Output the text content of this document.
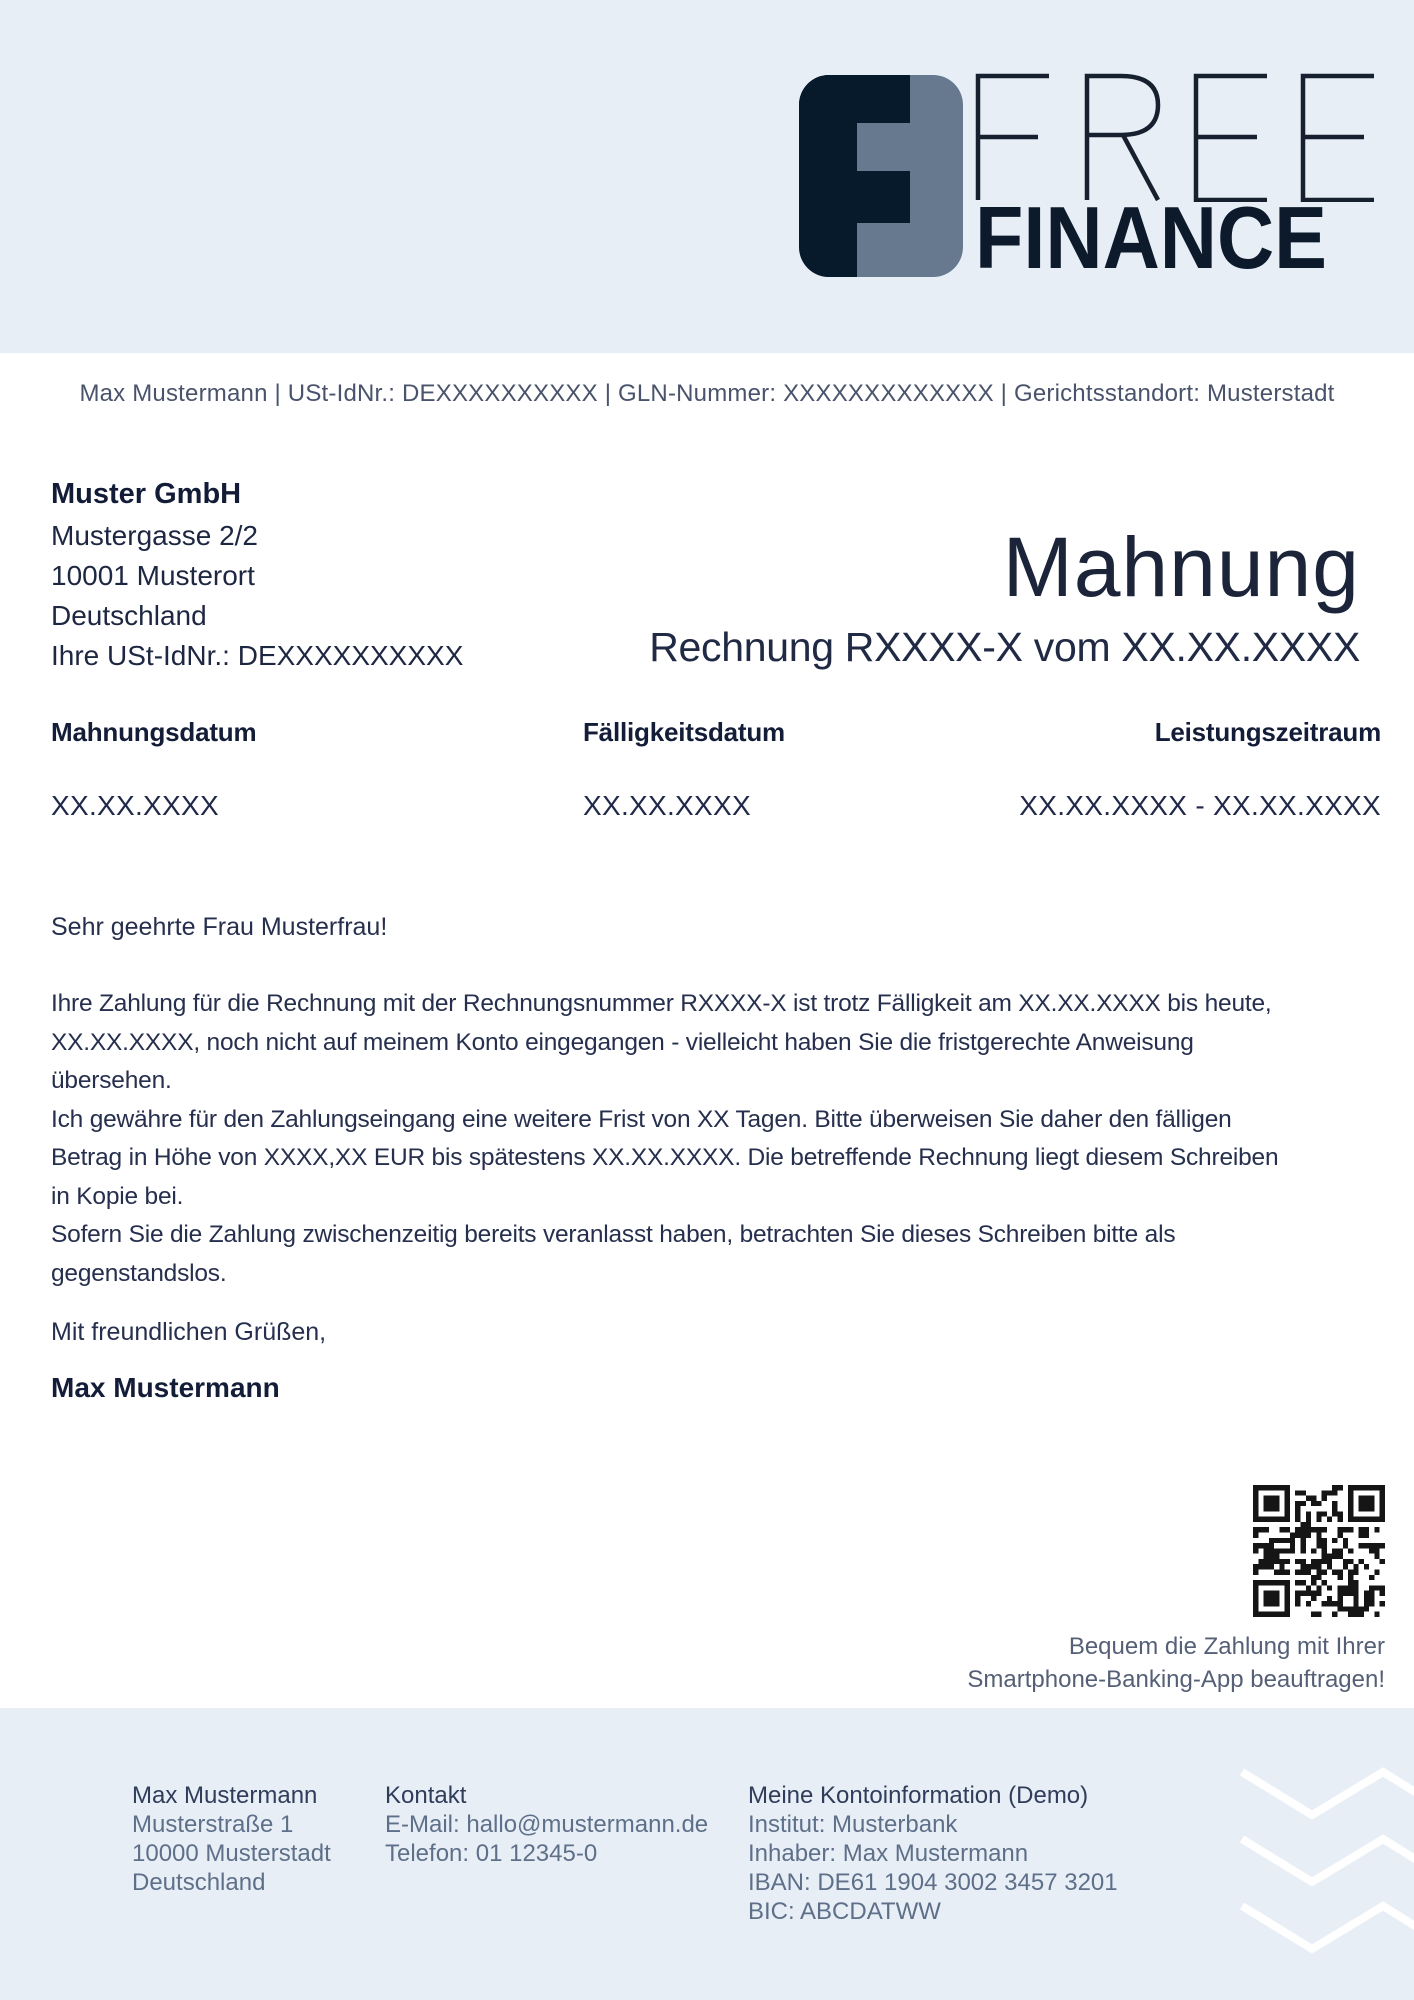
FINANCE
Max Mustermann | USt-IdNr.: DEXXXXXXXXXX | GLN-Nummer: XXXXXXXXXXXXX | Gerichtsstandort: Musterstadt
Muster GmbH
Mustergasse 2/2
10001 Musterort
Deutschland
Ihre USt-IdNr.: DEXXXXXXXXXX
Mahnung
Rechnung RXXXX-X vom XX.XX.XXXX
Mahnungsdatum	Fälligkeitsdatum	Leistungszeitraum
XX.XX.XXXX	XX.XX.XXXX	XX.XX.XXXX - XX.XX.XXXX
Sehr geehrte Frau Musterfrau!
Ihre Zahlung für die Rechnung mit der Rechnungsnummer RXXXX-X ist trotz Fälligkeit am XX.XX.XXXX bis heute,
XX.XX.XXXX, noch nicht auf meinem Konto eingegangen - vielleicht haben Sie die fristgerechte Anweisung
übersehen.
Ich gewähre für den Zahlungseingang eine weitere Frist von XX Tagen. Bitte überweisen Sie daher den fälligen
Betrag in Höhe von XXXX,XX EUR bis spätestens XX.XX.XXXX. Die betreffende Rechnung liegt diesem Schreiben
in Kopie bei.
Sofern Sie die Zahlung zwischenzeitig bereits veranlasst haben, betrachten Sie dieses Schreiben bitte als
gegenstandslos.
Mit freundlichen Grüßen,
Max Mustermann
Bequem die Zahlung mit Ihrer
Smartphone-Banking-App beauftragen!
Max Mustermann
Musterstraße 1
10000 Musterstadt
Deutschland
Kontakt
E-Mail: hallo@mustermann.de
Telefon: 01 12345-0
Meine Kontoinformation (Demo)
Institut: Musterbank
Inhaber: Max Mustermann
IBAN: DE61 1904 3002 3457 3201
BIC: ABCDATWW
